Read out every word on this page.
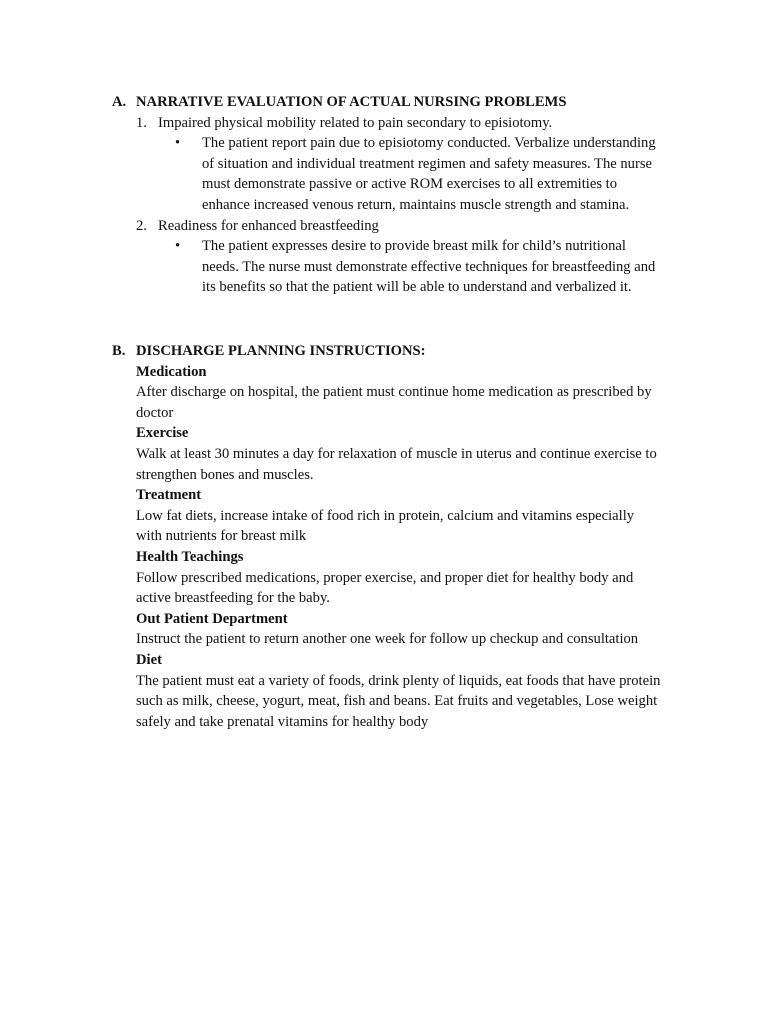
A. NARRATIVE EVALUATION OF ACTUAL NURSING PROBLEMS
1. Impaired physical mobility related to pain secondary to episiotomy.
• The patient report pain due to episiotomy conducted. Verbalize understanding
of situation and individual treatment regimen and safety measures. The nurse
must demonstrate passive or active ROM exercises to all extremities to
enhance increased venous return, maintains muscle strength and stamina.
2. Readiness for enhanced breastfeeding
• The patient expresses desire to provide breast milk for child’s nutritional
needs. The nurse must demonstrate effective techniques for breastfeeding and
its benefits so that the patient will be able to understand and verbalized it.
B. DISCHARGE PLANNING INSTRUCTIONS:
Medication
After discharge on hospital, the patient must continue home medication as prescribed by
doctor
Exercise
Walk at least 30 minutes a day for relaxation of muscle in uterus and continue exercise to
strengthen bones and muscles.
Treatment
Low fat diets, increase intake of food rich in protein, calcium and vitamins especially
with nutrients for breast milk
Health Teachings
Follow prescribed medications, proper exercise, and proper diet for healthy body and
active breastfeeding for the baby.
Out Patient Department
Instruct the patient to return another one week for follow up checkup and consultation
Diet
The patient must eat a variety of foods, drink plenty of liquids, eat foods that have protein
such as milk, cheese, yogurt, meat, fish and beans. Eat fruits and vegetables, Lose weight
safely and take prenatal vitamins for healthy body
